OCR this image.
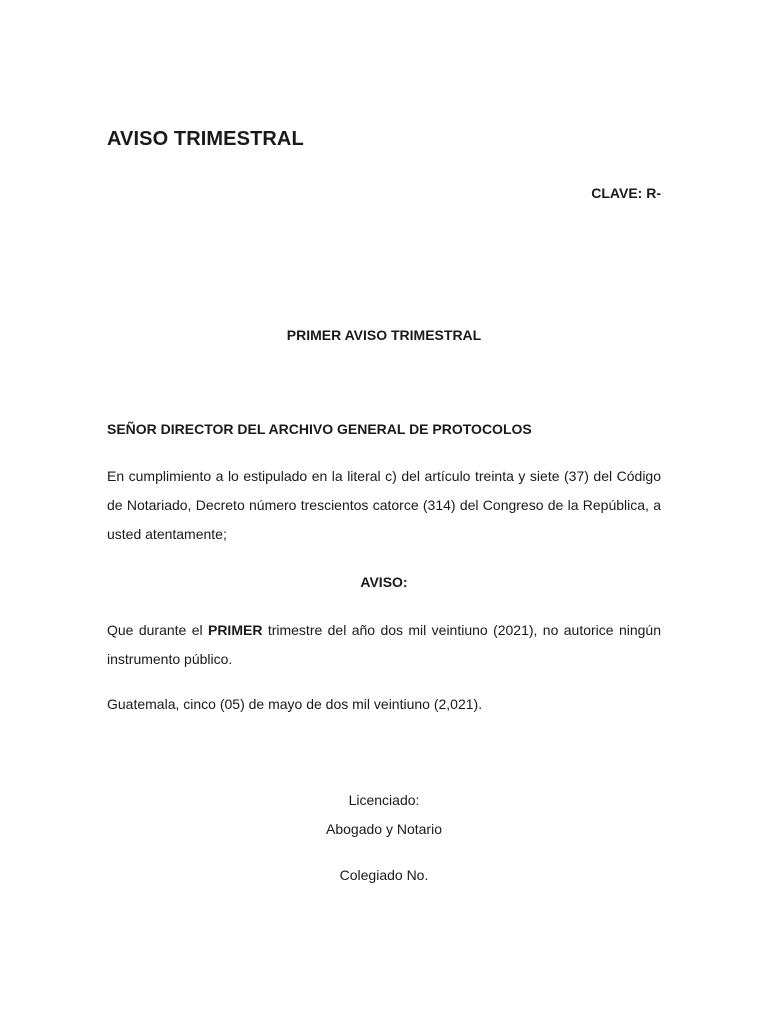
AVISO TRIMESTRAL
CLAVE: R-
PRIMER AVISO TRIMESTRAL
SEÑOR DIRECTOR DEL ARCHIVO GENERAL DE PROTOCOLOS

En cumplimiento a lo estipulado en la literal c) del artículo treinta y siete (37) del Código de Notariado, Decreto número trescientos catorce (314) del Congreso de la República, a usted atentamente;

AVISO:

Que durante el PRIMER trimestre del año dos mil veintiuno (2021), no autorice ningún instrumento público.

Guatemala, cinco (05) de mayo de dos mil veintiuno (2,021).

Licenciado:
Abogado y Notario
Colegiado No.
